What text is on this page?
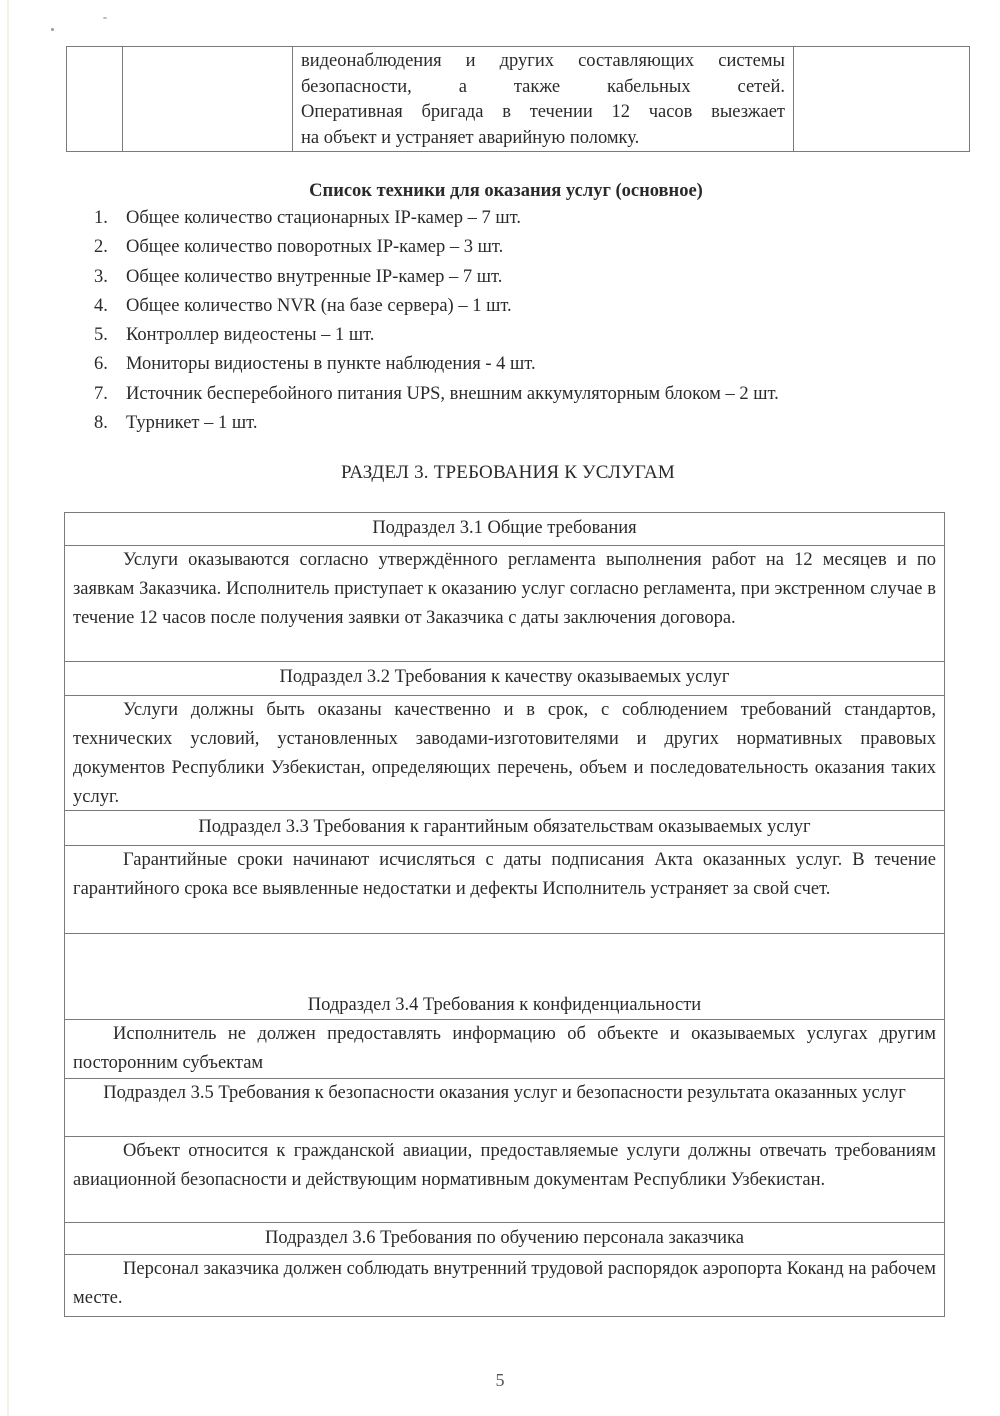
видеонаблюдения и других составляющих системы
безопасности, а также кабельных сетей.
Оперативная бригада в течении 12 часов выезжает
на объект и устраняет аварийную поломку.
Список техники для оказания услуг (основное)
1. Общее количество стационарных IP-камер – 7 шт.
2. Общее количество поворотных IP-камер – 3 шт.
3. Общее количество внутренные IP-камер – 7 шт.
4. Общее количество NVR (на базе сервера) – 1 шт.
5. Контроллер видеостены – 1 шт.
6. Мониторы видиостены в пункте наблюдения - 4 шт.
7. Источник бесперебойного питания UPS, внешним аккумуляторным блоком – 2 шт.
8. Турникет – 1 шт.
РАЗДЕЛ 3. ТРЕБОВАНИЯ К УСЛУГАМ
Подраздел 3.1 Общие требования
Услуги оказываются согласно утверждённого регламента выполнения работ на 12 месяцев и по заявкам Заказчика. Исполнитель приступает к оказанию услуг согласно регламента, при экстренном случае в течение 12 часов после получения заявки от Заказчика с даты заключения договора.
Подраздел 3.2 Требования к качеству оказываемых услуг
Услуги должны быть оказаны качественно и в срок, с соблюдением требований стандартов, технических условий, установленных заводами-изготовителями и других нормативных правовых документов Республики Узбекистан, определяющих перечень, объем и последовательность оказания таких услуг.
Подраздел 3.3 Требования к гарантийным обязательствам оказываемых услуг
Гарантийные сроки начинают исчисляться с даты подписания Акта оказанных услуг. В течение гарантийного срока все выявленные недостатки и дефекты Исполнитель устраняет за свой счет.
Подраздел 3.4 Требования к конфиденциальности
Исполнитель не должен предоставлять информацию об объекте и оказываемых услугах другим посторонним субъектам
Подраздел 3.5 Требования к безопасности оказания услуг и безопасности результата оказанных услуг
Объект относится к гражданской авиации, предоставляемые услуги должны отвечать требованиям авиационной безопасности и действующим нормативным документам Республики Узбекистан.
Подраздел 3.6 Требования по обучению персонала заказчика
Персонал заказчика должен соблюдать внутренний трудовой распорядок аэропорта Коканд на рабочем месте.
5
